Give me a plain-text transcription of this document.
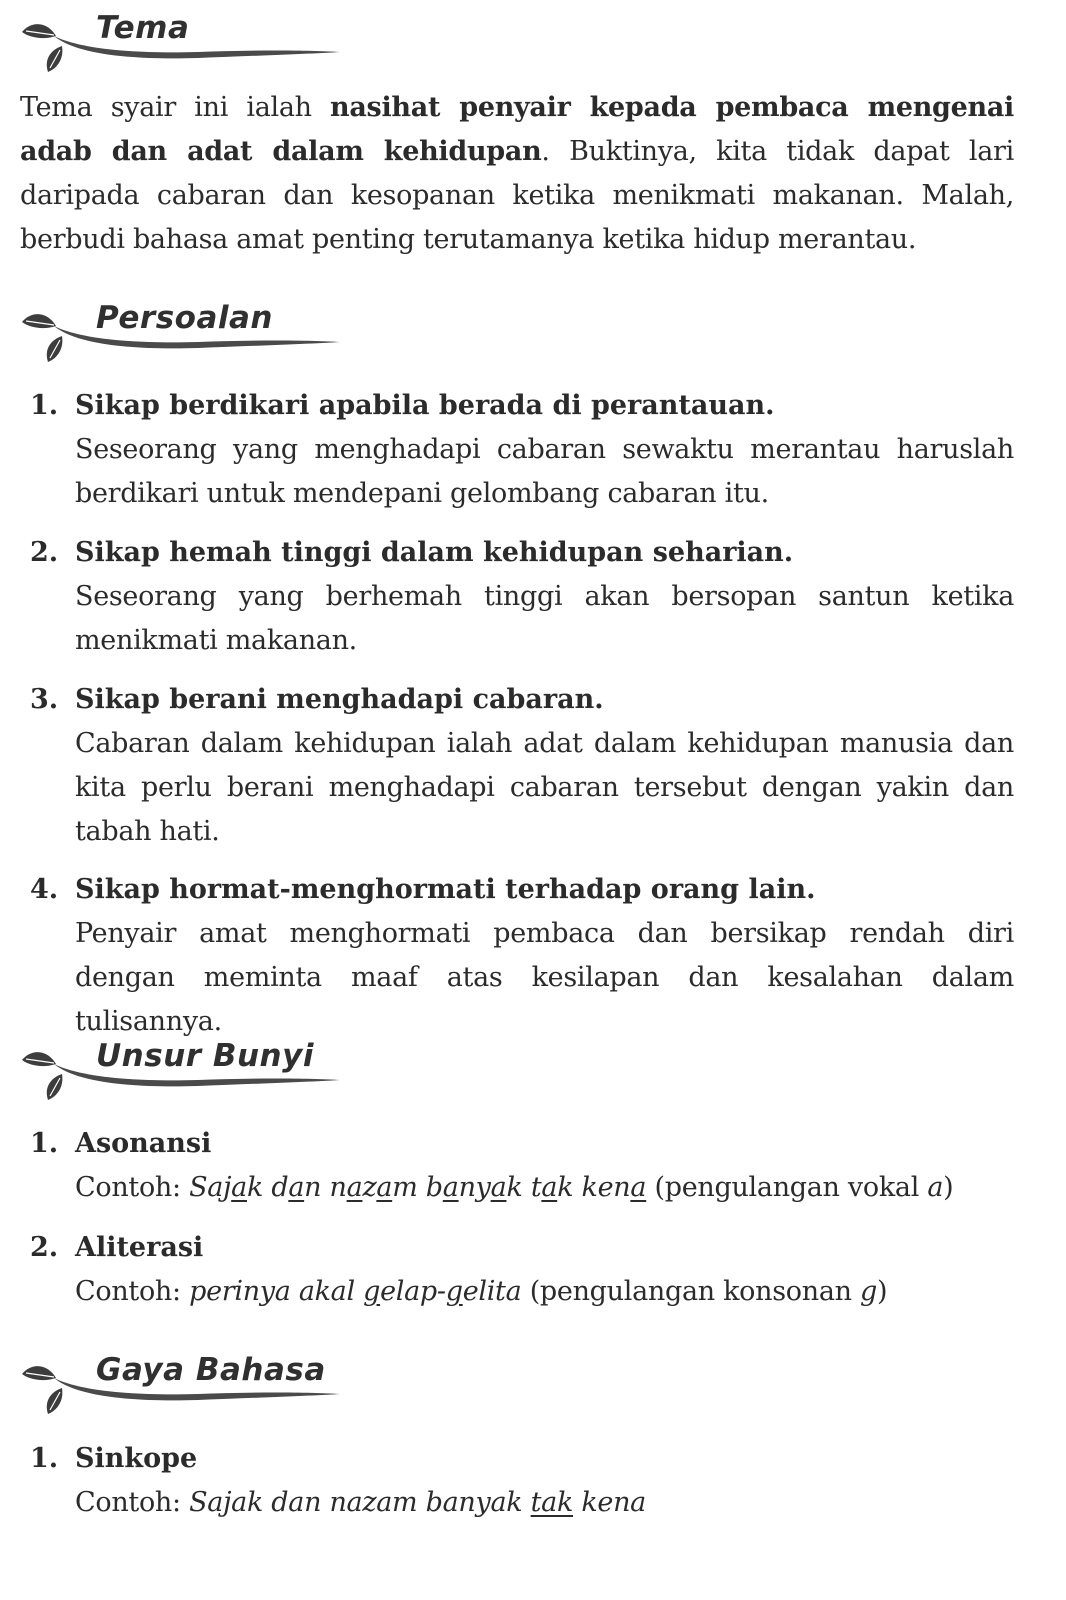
Tema
Tema syair ini ialah nasihat penyair kepada pembaca mengenai adab dan adat dalam kehidupan. Buktinya, kita tidak dapat lari daripada cabaran dan kesopanan ketika menikmati makanan. Malah, berbudi bahasa amat penting terutamanya ketika hidup merantau.
Persoalan
1. Sikap berdikari apabila berada di perantauan.
Seseorang yang menghadapi cabaran sewaktu merantau haruslah berdikari untuk mendepani gelombang cabaran itu.
2. Sikap hemah tinggi dalam kehidupan seharian.
Seseorang yang berhemah tinggi akan bersopan santun ketika menikmati makanan.
3. Sikap berani menghadapi cabaran.
Cabaran dalam kehidupan ialah adat dalam kehidupan manusia dan kita perlu berani menghadapi cabaran tersebut dengan yakin dan tabah hati.
4. Sikap hormat-menghormati terhadap orang lain.
Penyair amat menghormati pembaca dan bersikap rendah diri dengan meminta maaf atas kesilapan dan kesalahan dalam tulisannya.
Unsur Bunyi
1. Asonansi
Contoh: Sajak dan nazam banyak tak kena (pengulangan vokal a)
2. Aliterasi
Contoh: perinya akal gelap-gelita (pengulangan konsonan g)
Gaya Bahasa
1. Sinkope
Contoh: Sajak dan nazam banyak tak kena
